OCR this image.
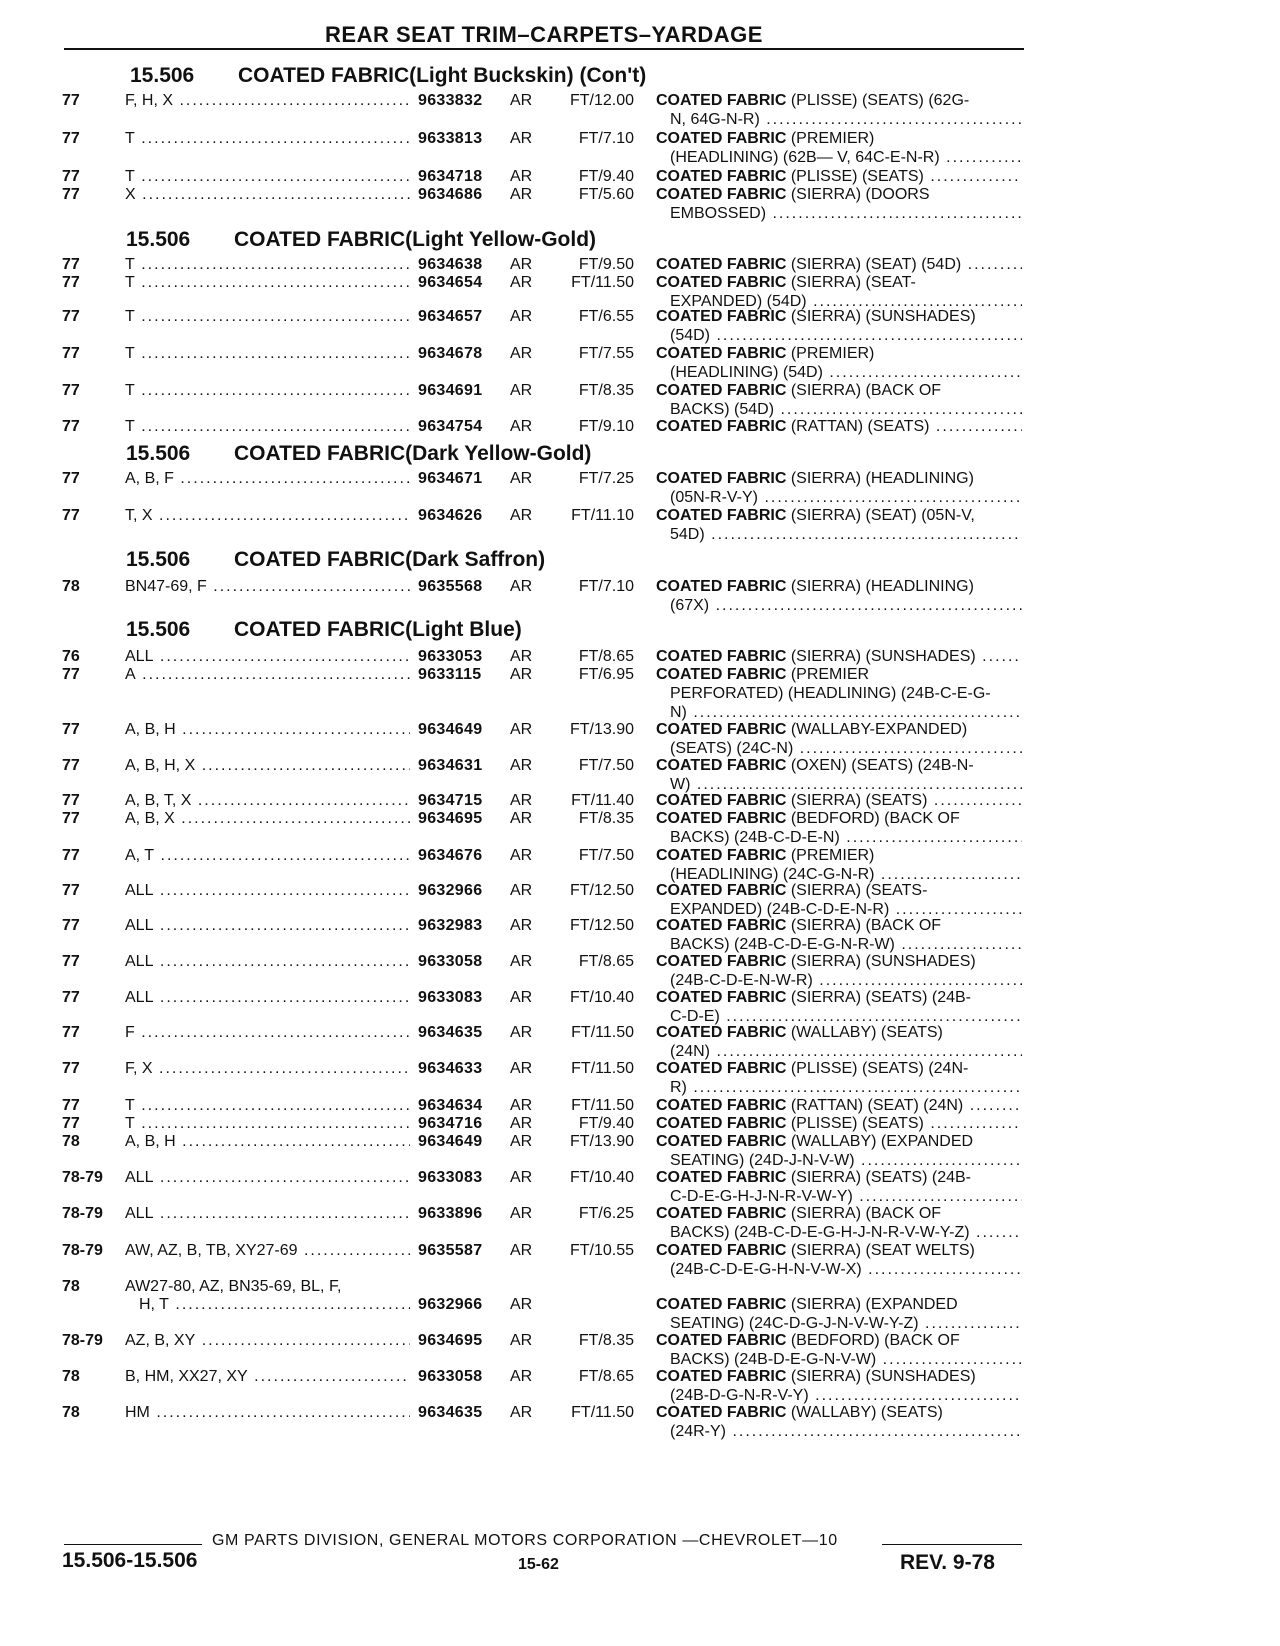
REAR SEAT TRIM–CARPETS–YARDAGE
15.506 COATED FABRIC(Light Buckskin) (Con't)
77	F, H, X .....	9633832 AR	FT/12.00 COATED FABRIC (PLISSE) (SEATS) (62G-
N, 64G-N-R) .....
77	T .....	9633813 AR	FT/7.10 COATED FABRIC (PREMIER)
(HEADLINING) (62B— V, 64C-E-N-R) .....
77	T .....	9634718 AR	FT/9.40 COATED FABRIC (PLISSE) (SEATS) .....
77	X .....	9634686 AR	FT/5.60 COATED FABRIC (SIERRA) (DOORS
EMBOSSED) .....
15.506 COATED FABRIC(Light Yellow-Gold)
77	T .....	9634638 AR	FT/9.50 COATED FABRIC (SIERRA) (SEAT) (54D) .....
77	T .....	9634654 AR	FT/11.50 COATED FABRIC (SIERRA) (SEAT-
EXPANDED) (54D) .....
77	T .....	9634657 AR	FT/6.55 COATED FABRIC (SIERRA) (SUNSHADES)
(54D) .....
77	T .....	9634678 AR	FT/7.55 COATED FABRIC (PREMIER)
(HEADLINING) (54D) .....
77	T .....	9634691 AR	FT/8.35 COATED FABRIC (SIERRA) (BACK OF
BACKS) (54D) .....
77	T .....	9634754 AR	FT/9.10 COATED FABRIC (RATTAN) (SEATS) .....
15.506 COATED FABRIC(Dark Yellow-Gold)
77	A, B, F .....	9634671 AR	FT/7.25 COATED FABRIC (SIERRA) (HEADLINING)
(05N-R-V-Y) .....
77	T, X .....	9634626 AR	FT/11.10 COATED FABRIC (SIERRA) (SEAT) (05N-V,
54D) .....
15.506 COATED FABRIC(Dark Saffron)
78	BN47-69, F .....	9635568 AR	FT/7.10 COATED FABRIC (SIERRA) (HEADLINING)
(67X) .....
15.506 COATED FABRIC(Light Blue)
76	ALL .....	9633053 AR	FT/8.65 COATED FABRIC (SIERRA) (SUNSHADES) .....
77	A .....	9633115 AR	FT/6.95 COATED FABRIC (PREMIER
PERFORATED) (HEADLINING) (24B-C-E-G-
N) .....
77	A, B, H .....	9634649 AR	FT/13.90 COATED FABRIC (WALLABY-EXPANDED)
(SEATS) (24C-N) .....
77	A, B, H, X .....	9634631 AR	FT/7.50 COATED FABRIC (OXEN) (SEATS) (24B-N-
W) .....
77	A, B, T, X .....	9634715 AR	FT/11.40 COATED FABRIC (SIERRA) (SEATS) .....
77	A, B, X .....	9634695 AR	FT/8.35 COATED FABRIC (BEDFORD) (BACK OF
BACKS) (24B-C-D-E-N) .....
77	A, T .....	9634676 AR	FT/7.50 COATED FABRIC (PREMIER)
(HEADLINING) (24C-G-N-R) .....
77	ALL .....	9632966 AR	FT/12.50 COATED FABRIC (SIERRA) (SEATS-
EXPANDED) (24B-C-D-E-N-R) .....
77	ALL .....	9632983 AR	FT/12.50 COATED FABRIC (SIERRA) (BACK OF
BACKS) (24B-C-D-E-G-N-R-W) .....
77	ALL .....	9633058 AR	FT/8.65 COATED FABRIC (SIERRA) (SUNSHADES)
(24B-C-D-E-N-W-R) .....
77	ALL .....	9633083 AR	FT/10.40 COATED FABRIC (SIERRA) (SEATS) (24B-
C-D-E) .....
77	F .....	9634635 AR	FT/11.50 COATED FABRIC (WALLABY) (SEATS)
(24N) .....
77	F, X .....	9634633 AR	FT/11.50 COATED FABRIC (PLISSE) (SEATS) (24N-
R) .....
77	T .....	9634634 AR	FT/11.50 COATED FABRIC (RATTAN) (SEAT) (24N) .....
77	T .....	9634716 AR	FT/9.40 COATED FABRIC (PLISSE) (SEATS) .....
78	A, B, H .....	9634649 AR	FT/13.90 COATED FABRIC (WALLABY) (EXPANDED
SEATING) (24D-J-N-V-W) .....
78-79 ALL .....	9633083 AR	FT/10.40 COATED FABRIC (SIERRA) (SEATS) (24B-
C-D-E-G-H-J-N-R-V-W-Y) .....
78-79 ALL .....	9633896 AR	FT/6.25 COATED FABRIC (SIERRA) (BACK OF
BACKS) (24B-C-D-E-G-H-J-N-R-V-W-Y-Z) .....
78-79 AW, AZ, B, TB, XY27-69 .....	9635587 AR	FT/10.55 COATED FABRIC (SIERRA) (SEAT WELTS)
(24B-C-D-E-G-H-N-V-W-X) .....
78	AW27-80, AZ, BN35-69, BL, F,
H, T .....	9632966 AR	COATED FABRIC (SIERRA) (EXPANDED
SEATING) (24C-D-G-J-N-V-W-Y-Z) .....
78-79 AZ, B, XY .....	9634695 AR	FT/8.35 COATED FABRIC (BEDFORD) (BACK OF
BACKS) (24B-D-E-G-N-V-W) .....
78	B, HM, XX27, XY .....	9633058 AR	FT/8.65 COATED FABRIC (SIERRA) (SUNSHADES)
(24B-D-G-N-R-V-Y) .....
78	HM .....	9634635 AR	FT/11.50 COATED FABRIC (WALLABY) (SEATS)
(24R-Y) .....
GM PARTS DIVISION, GENERAL MOTORS CORPORATION —CHEVROLET—10
15.506-15.506	15-62	REV. 9-78
